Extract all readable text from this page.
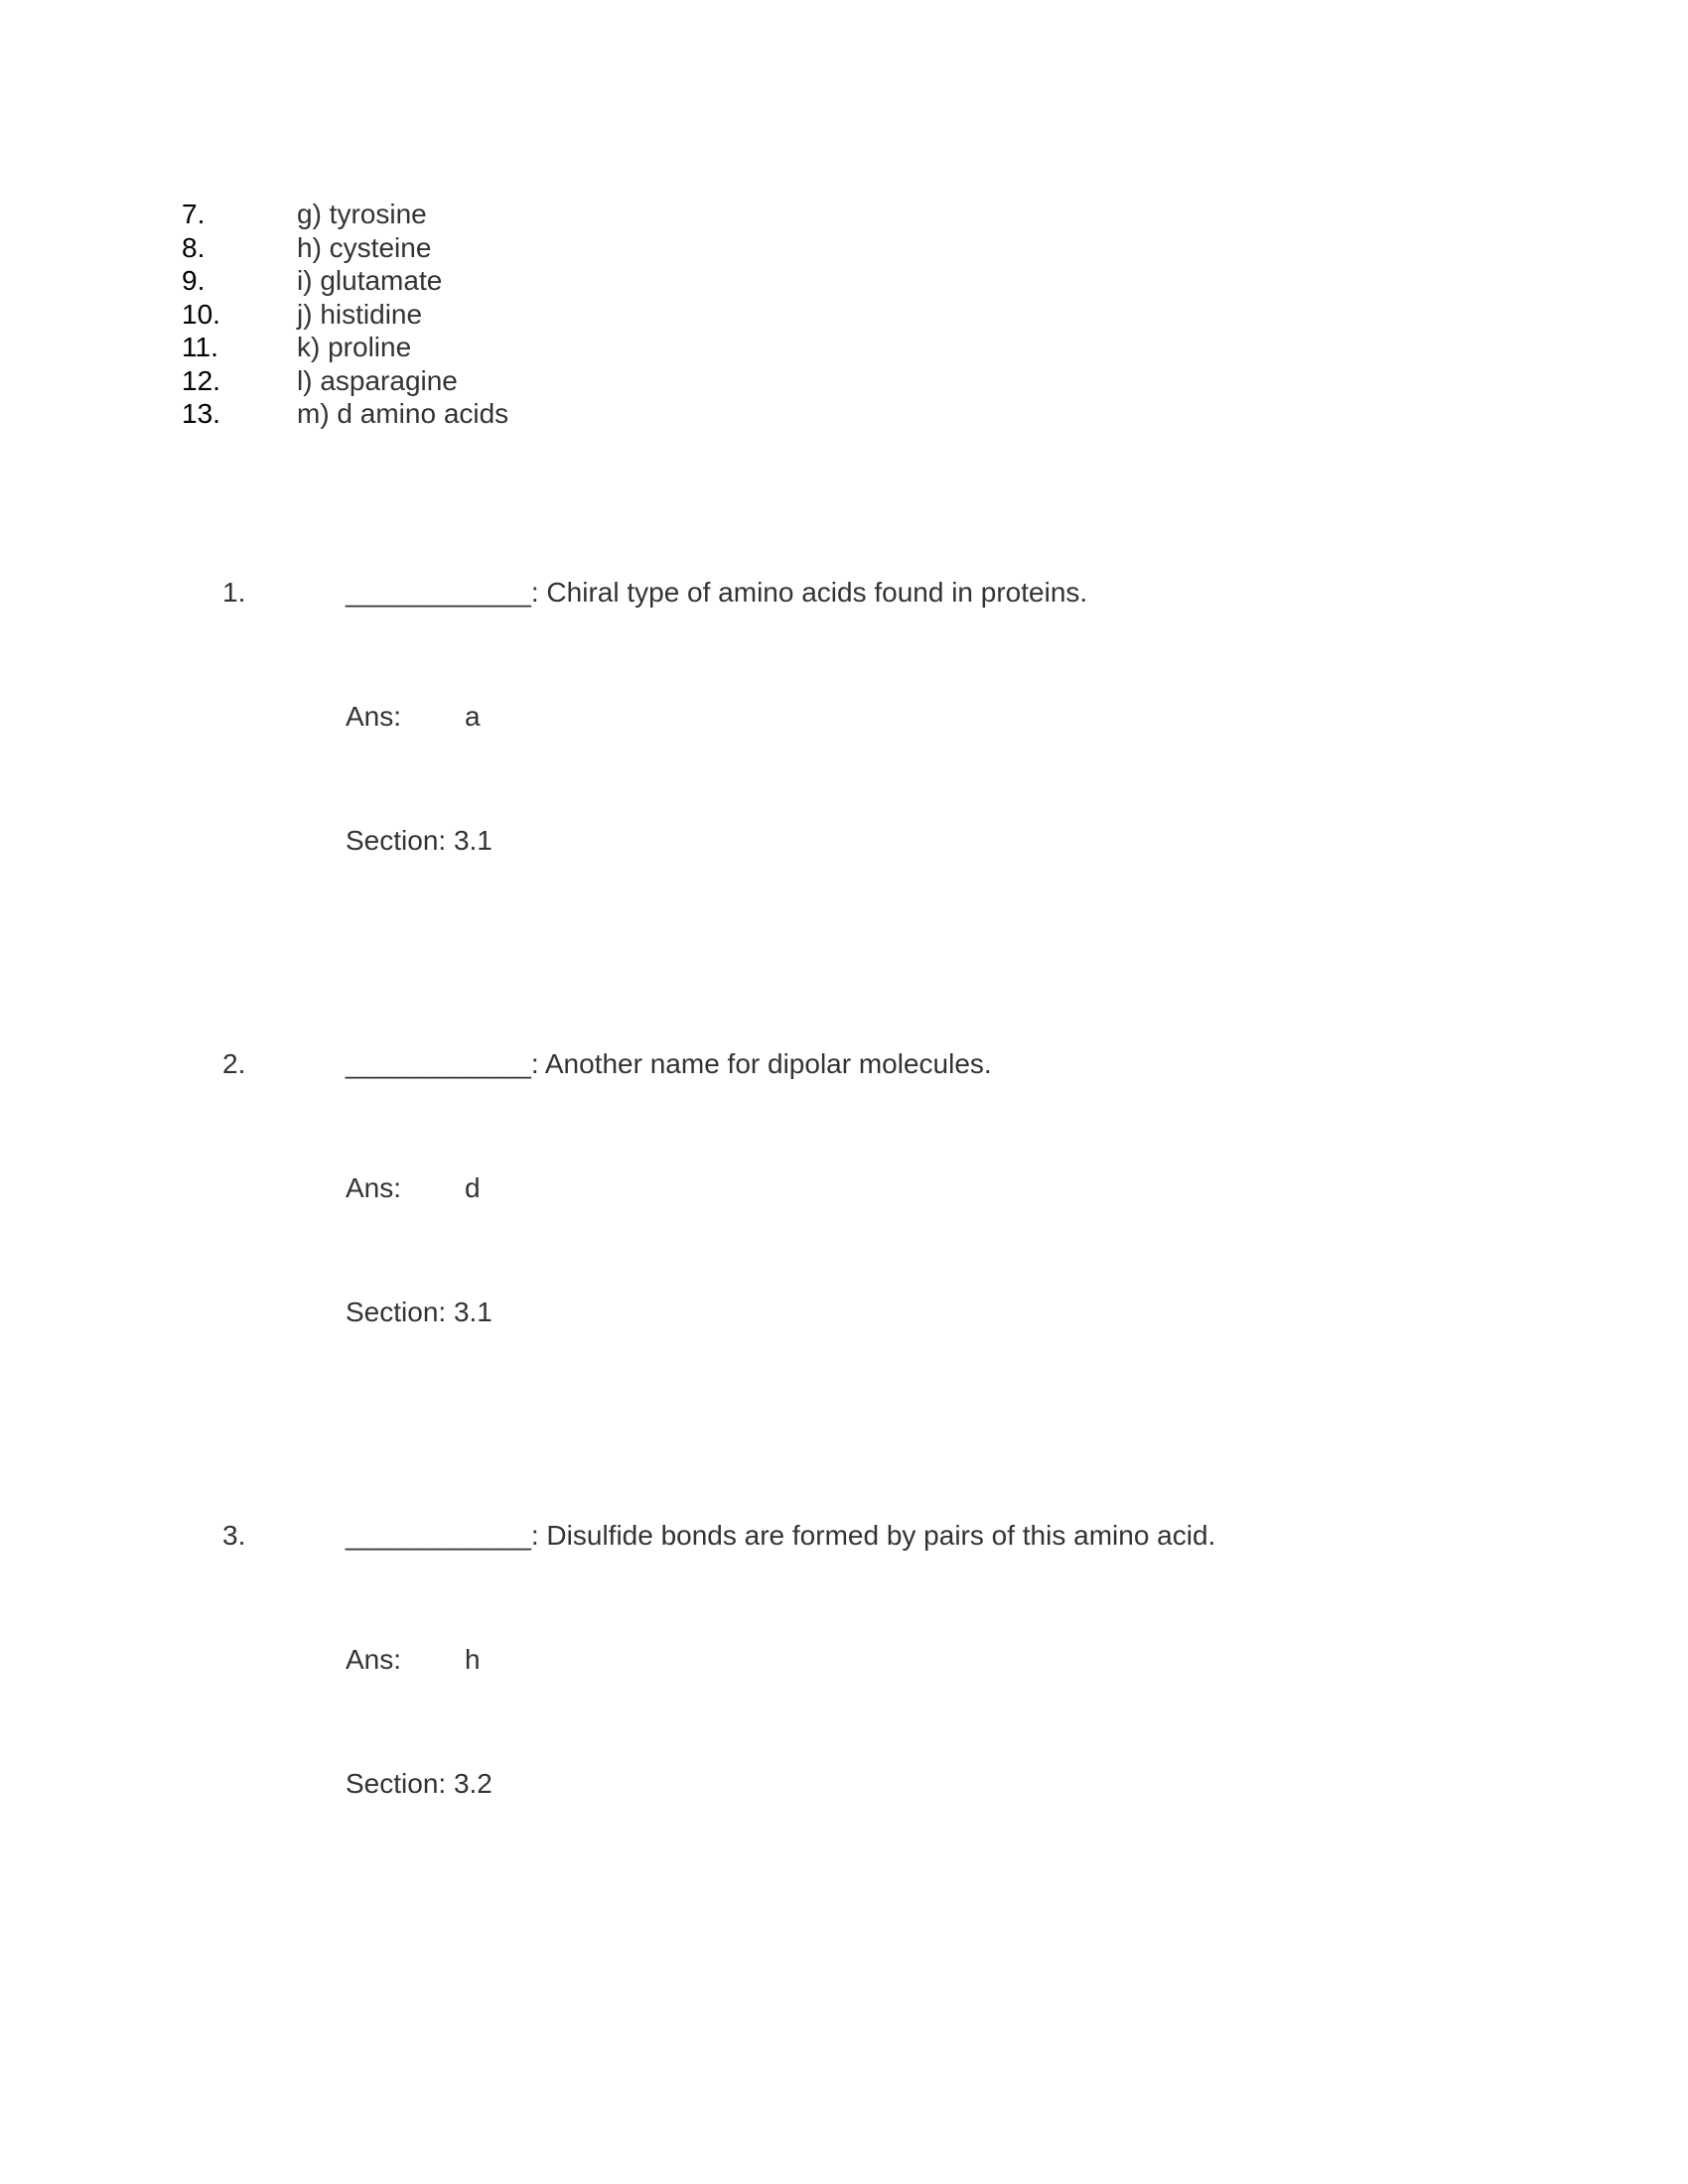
7.	g) tyrosine
8.	h) cysteine
9.	i) glutamate
10.	j) histidine
11.	k) proline
12.	l) asparagine
13.	m) d amino acids
1.	____________: Chiral type of amino acids found in proteins.
Ans: a
Section: 3.1
2.	____________: Another name for dipolar molecules.
Ans: d
Section: 3.1
3.	____________: Disulfide bonds are formed by pairs of this amino acid.
Ans: h
Section: 3.2
